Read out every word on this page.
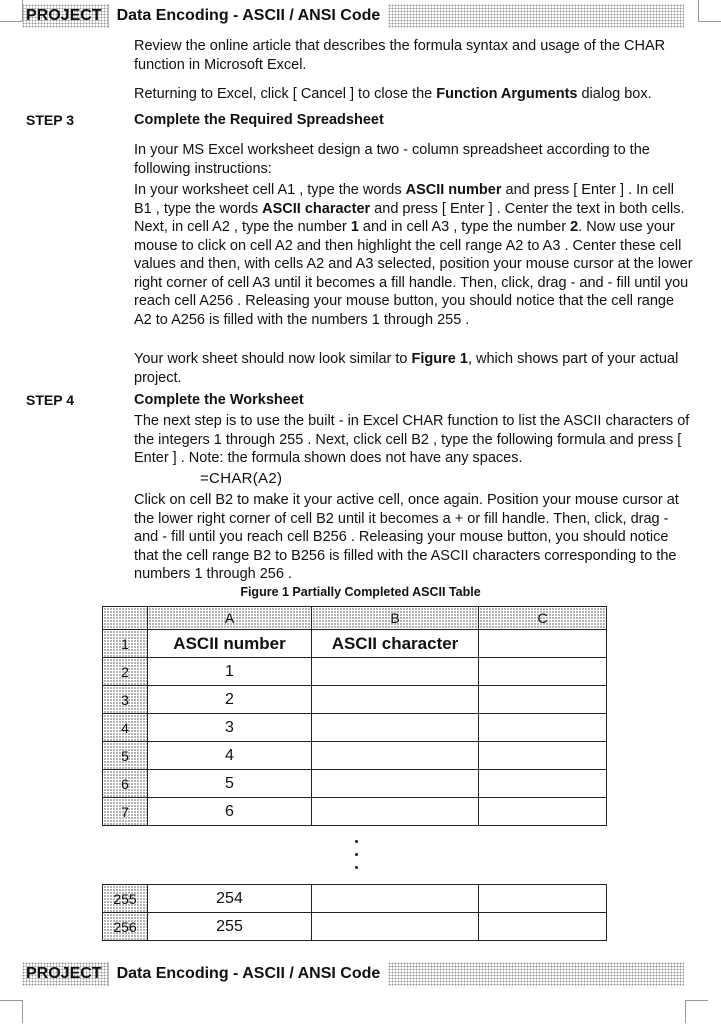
PROJECT Data Encoding - ASCII / ANSI Code
Review the online article that describes the formula syntax and usage of the CHAR function in Microsoft Excel.
Returning to Excel, click [ Cancel ] to close the Function Arguments dialog box.
STEP 3	Complete the Required Spreadsheet
In your MS Excel worksheet design a two - column spreadsheet according to the following instructions:
In your worksheet cell A1 , type the words ASCII number and press [ Enter ] . In cell B1 , type the words ASCII character and press [ Enter ] . Center the text in both cells. Next, in cell A2 , type the number 1 and in cell A3 , type the number 2. Now use your mouse to click on cell A2 and then highlight the cell range A2 to A3 . Center these cell values and then, with cells A2 and A3 selected, position your mouse cursor at the lower right corner of cell A3 until it becomes a fill handle. Then, click, drag - and - fill until you reach cell A256 . Releasing your mouse button, you should notice that the cell range A2 to A256 is filled with the numbers 1 through 255 .
Your work sheet should now look similar to Figure 1, which shows part of your actual project.
STEP 4	Complete the Worksheet
The next step is to use the built - in Excel CHAR function to list the ASCII characters of the integers 1 through 255 . Next, click cell B2 , type the following formula and press [ Enter ] . Note: the formula shown does not have any spaces.
=CHAR(A2)
Click on cell B2 to make it your active cell, once again. Position your mouse cursor at the lower right corner of cell B2 until it becomes a + or fill handle. Then, click, drag - and - fill until you reach cell B256 . Releasing your mouse button, you should notice that the cell range B2 to B256 is filled with the ASCII characters corresponding to the numbers 1 through 256 .
Figure 1 Partially Completed ASCII Table
	A	B	C
1	ASCII number	ASCII character	
2	1		
3	2		
4	3		
5	4		
6	5		
7	6		
255	254		
256	255		
PROJECT Data Encoding - ASCII / ANSI Code
